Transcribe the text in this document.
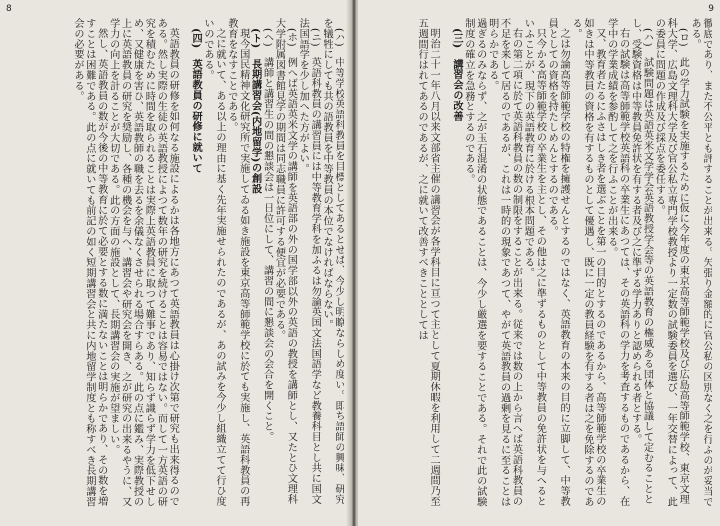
8

(ハ)　中等学校英語科教員を目標としてあるとせば、今少し明瞭ならしめ度い。即ち語師の興味、研究を犠牲にしても共の語教員を中等教員の本位でなければならない。

(ニ)　英語科教員の講習員には中等教育学科を加ふるは勿論英国文法国語学など教養科目とし共に国文法国語学を少し加へた方がよい。

(ホ)　例へば英語英米文学の講師を英語部の外の国学部以外の英語の教授を講師とし、又たとひ文理科大学附属図書館見学の期間は同志職員に許可する便宜が必要である。

(ヘ)　講師と講習生の間の懇談会は一日位にして、講習の間に懇談会の会合を開くこと。

(ト)　長期講習会(内地留学)の創設

現今国民精神文化研究所で実施してゐる如き施設を東京高等師範学校に於ても実施し、英語科教員の再教育をなすことである。

之に就いて、ある以上の理由に基く先年実施せられたのであるが、あの試みを今少し組織立てて行ひ度いのである。

(四)　英語教員の研修に就いて

英語教員の研修を如何なる施設によるかは各地方にあつて英語教員は心掛け次第で研究も出来得るのである。然し実際の生徒の英語教授によつて数年の研究を続けることは容易ではない。而して一方英語の研究を積むために時間を取られることは実際上英語教員に取つて難事であり、知らず識らず学力を低下せしめ、又健康を害ひ、英語教師の職を去るを余儀なくさせられる場合すらある。此の点に鑑み、実際教授の上に英語教員の研究を奨励し、各種の機会を与へ、講習会や研究会を開き、之が研究の出来るやうに、又学力の向上を計ることが大切である。此の方面の施設として、長期講習会の実施が望ましい。

然し、英語教員の数が今後の中等教育に於て必要とする数に満たないことは明らかであり、その数を増すことは困難である。此の点に就いても前記の如く短期講習会と共に内地留学制度とも称すべき長期講習会の必要がある。

9

徹底であり、また不公平とも評することが出来る。矢張り金額的に官公私の区別なく之を行ふのが妥当である。

(ロ)　此の学力試験を実施するために仮に今年度の東京高等師範学校及び広島高等師範学校、東京文理科大学、広島文理科大学及び官公私立専門学校教授より一定数の試験委員を選び、一年交替によって、此の委員に問題の作成及び採点を委任する。

(ハ)　試験問題は英語英米文学学会英語教授学会等の英語教育の権威ある団体と協議して定むることとし、受験資格は中等教員免許状を有する者及び之に準ずる学力ありと認められる者とする。

右の試験は高等師範学校英語科の卒業生にあつては、その英語科の学力を考査するものであるから、在学中の学業成績を参酌して之を行ふことが出来る。

又、教育者たるにふさはしき者を選ぶことを第一の目的とするのであるから、高等師範学校の卒業生の如きは中等教員の資格を有するものとして優遇し、既に一定の教員経験を有する者は之を免除するのである。

之は勿論高等師範学校の特権を擁護せんとするのではなく、英語教育の本来の目的に立脚して、中等教員としての資格を持たしめんとするのである。

只今かる高等師範学校の卒業生を主とし、その他は之に準ずるものとして中等教員の免許状を与へるといふことが、現下の英語教育に於ける根本問題である。

右の第二項に於て英語科教員の数の制限をすることが出来る。従来では数の上から言へば英語科教員の不足を来して居るのであるが、これは一時的の現象であつて、やがて英語教員の過剰を見るに至ることは明らかである。

過ぎるのみならず、之が玉石混淆の状態であることは、今少し厳選を要することである。それで此の試験制度の確立を急務とするのである。

(三)　講習会の改善

明治二十一年八月以来文部省主催の講習会が各学科目に亘つて主として夏期休暇を利用して二週間乃至五週間行はれてあるのであるが、之に就いて改善すべきこととしては
